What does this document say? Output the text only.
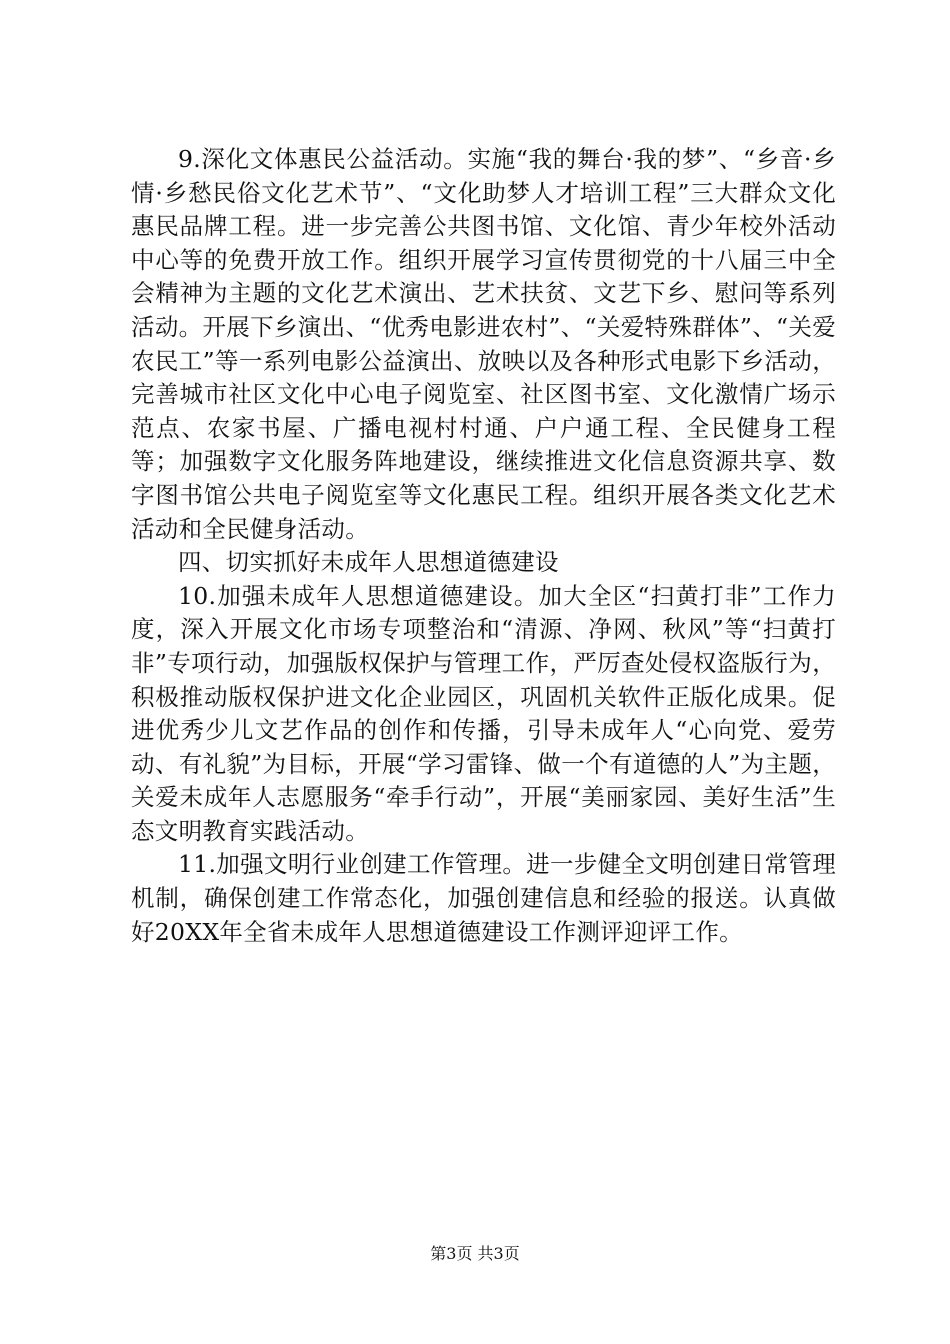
9.深化文体惠民公益活动。实施“我的舞台·我的梦”、“乡音·乡情·乡愁民俗文化艺术节”、“文化助梦人才培训工程”三大群众文化惠民品牌工程。进一步完善公共图书馆、文化馆、青少年校外活动中心等的免费开放工作。组织开展学习宣传贯彻党的十八届三中全会精神为主题的文化艺术演出、艺术扶贫、文艺下乡、慰问等系列活动。开展下乡演出、“优秀电影进农村”、“关爱特殊群体”、“关爱农民工”等一系列电影公益演出、放映以及各种形式电影下乡活动，完善城市社区文化中心电子阅览室、社区图书室、文化激情广场示范点、农家书屋、广播电视村村通、户户通工程、全民健身工程等；加强数字文化服务阵地建设，继续推进文化信息资源共享、数字图书馆公共电子阅览室等文化惠民工程。组织开展各类文化艺术活动和全民健身活动。

四、切实抓好未成年人思想道德建设

10.加强未成年人思想道德建设。加大全区“扫黄打非”工作力度，深入开展文化市场专项整治和“清源、净网、秋风”等“扫黄打非”专项行动，加强版权保护与管理工作，严厉查处侵权盗版行为，积极推动版权保护进文化企业园区，巩固机关软件正版化成果。促进优秀少儿文艺作品的创作和传播，引导未成年人“心向党、爱劳动、有礼貌”为目标，开展“学习雷锋、做一个有道德的人”为主题，关爱未成年人志愿服务“牵手行动”，开展“美丽家园、美好生活”生态文明教育实践活动。

11.加强文明行业创建工作管理。进一步健全文明创建日常管理机制，确保创建工作常态化，加强创建信息和经验的报送。认真做好20XX年全省未成年人思想道德建设工作测评迎评工作。

第3页 共3页
